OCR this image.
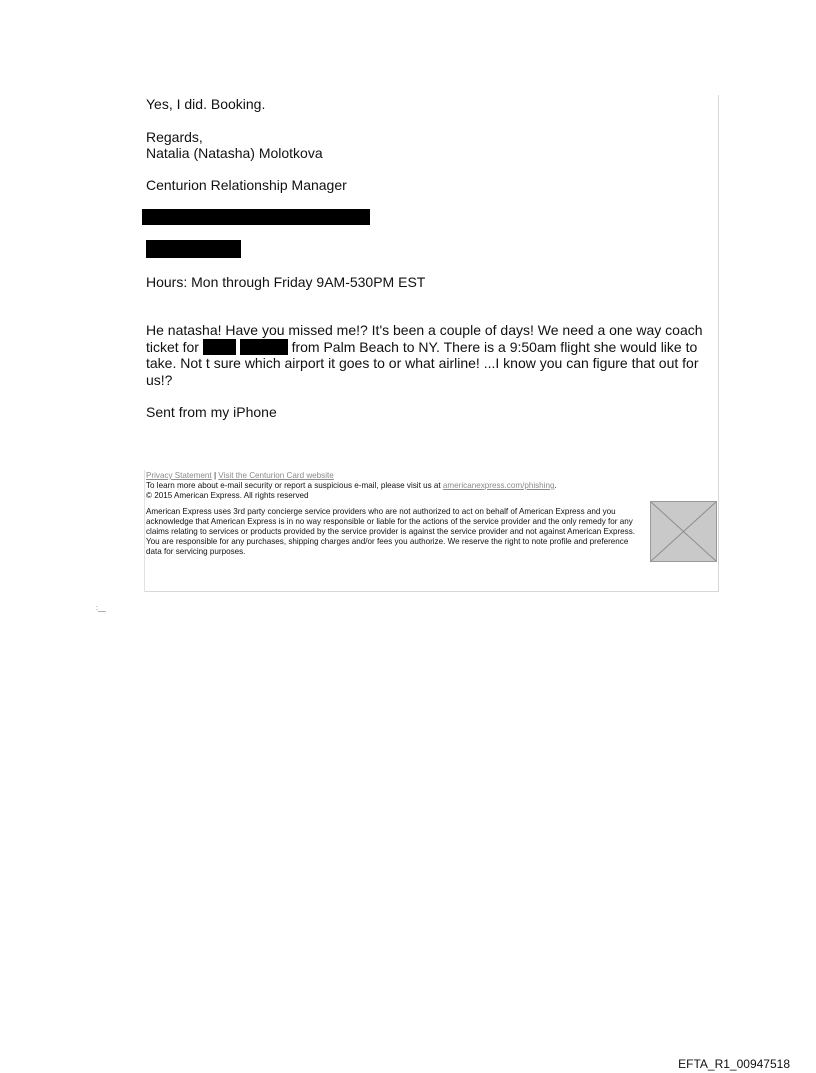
Yes, I did. Booking.
Regards,
Natalia (Natasha) Molotkova
Centurion Relationship Manager
Hours: Mon through Friday 9AM-530PM EST
He natasha! Have you missed me!? It's been a couple of days! We need a one way coach
ticket for	from Palm Beach to NY. There is a 9:50am flight she would like to
take. Not t sure which airport it goes to or what airline! ...I know you can figure that out for
us!?
Sent from my iPhone
Privacy Statement | Visit the Centurion Card website
To learn more about e-mail security or report a suspicious e-mail, please visit us at americanexpress.com/phishing.
© 2015 American Express. All rights reserved
American Express uses 3rd party concierge service providers who are not authorized to act on behalf of American Express and you acknowledge that American Express is in no way responsible or liable for the actions of the service provider and the only remedy for any claims relating to services or products provided by the service provider is against the service provider and not against American Express. You are responsible for any purchases, shipping charges and/or fees you authorize. We reserve the right to note profile and preference data for servicing purposes.
:__
EFTA_R1_00947518
